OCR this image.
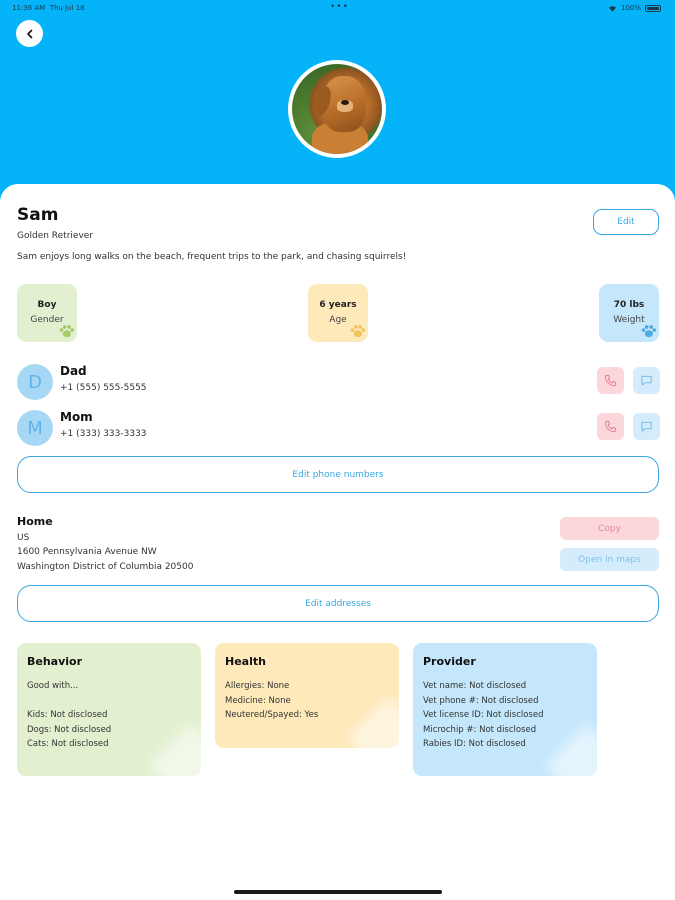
11:36 AM Thu Jul 18	•••	100%
Sam
Golden Retriever
Sam enjoys long walks on the beach, frequent trips to the park, and chasing squirrels!
Edit
Boy
Gender
6 years
Age
70 lbs
Weight
D
Dad
+1 (555) 555-5555
M
Mom
+1 (333) 333-3333
Edit phone numbers
Home
US
1600 Pennsylvania Avenue NW
Washington District of Columbia 20500
Copy
Open in maps
Edit addresses
Behavior
Good with...
Kids: Not disclosed
Dogs: Not disclosed
Cats: Not disclosed
Health
Allergies: None
Medicine: None
Neutered/Spayed: Yes
Provider
Vet name: Not disclosed
Vet phone #: Not disclosed
Vet license ID: Not disclosed
Microchip #: Not disclosed
Rabies ID: Not disclosed
